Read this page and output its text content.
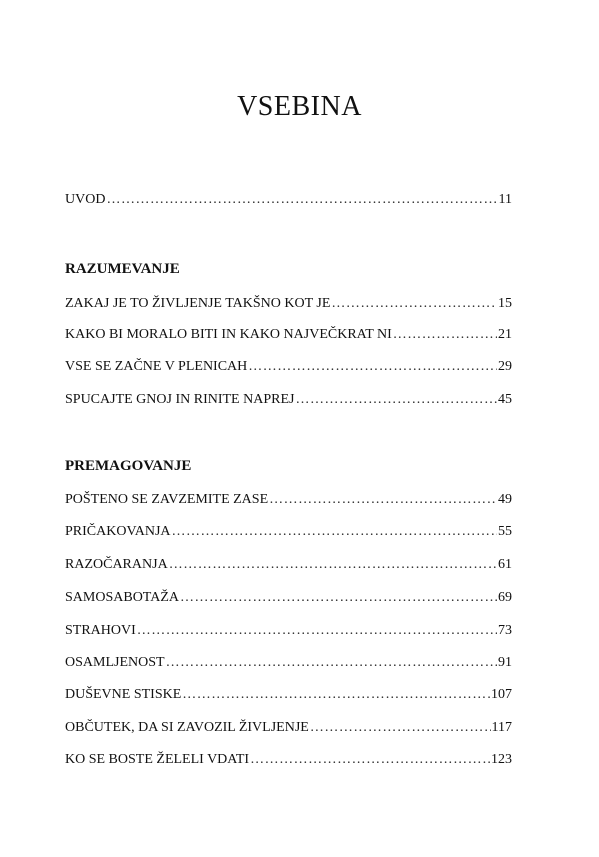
VSEBINA
UVOD ……………………………………………………………………………………………………………………………………………………	11
RAZUMEVANJE
ZAKAJ JE TO ŽIVLJENJE TAKŠNO KOT JE ……………………………………………………………………………………………………………………………………………………	15
KAKO BI MORALO BITI IN KAKO NAJVEČKRAT NI ……………………………………………………………………………………………………………………………………………………	21
VSE SE ZAČNE V PLENICAH ……………………………………………………………………………………………………………………………………………………	29
SPUCAJTE GNOJ IN RINITE NAPREJ ……………………………………………………………………………………………………………………………………………………	45
PREMAGOVANJE
POŠTENO SE ZAVZEMITE ZASE ……………………………………………………………………………………………………………………………………………………	49
PRIČAKOVANJA ……………………………………………………………………………………………………………………………………………………	55
RAZOČARANJA ……………………………………………………………………………………………………………………………………………………	61
SAMOSABOTAŽA ……………………………………………………………………………………………………………………………………………………	69
STRAHOVI ……………………………………………………………………………………………………………………………………………………	73
OSAMLJENOST ……………………………………………………………………………………………………………………………………………………	91
DUŠEVNE STISKE ……………………………………………………………………………………………………………………………………………………	107
OBČUTEK, DA SI ZAVOZIL ŽIVLJENJE ……………………………………………………………………………………………………………………………………………………	117
KO SE BOSTE ŽELELI VDATI ……………………………………………………………………………………………………………………………………………………	123
